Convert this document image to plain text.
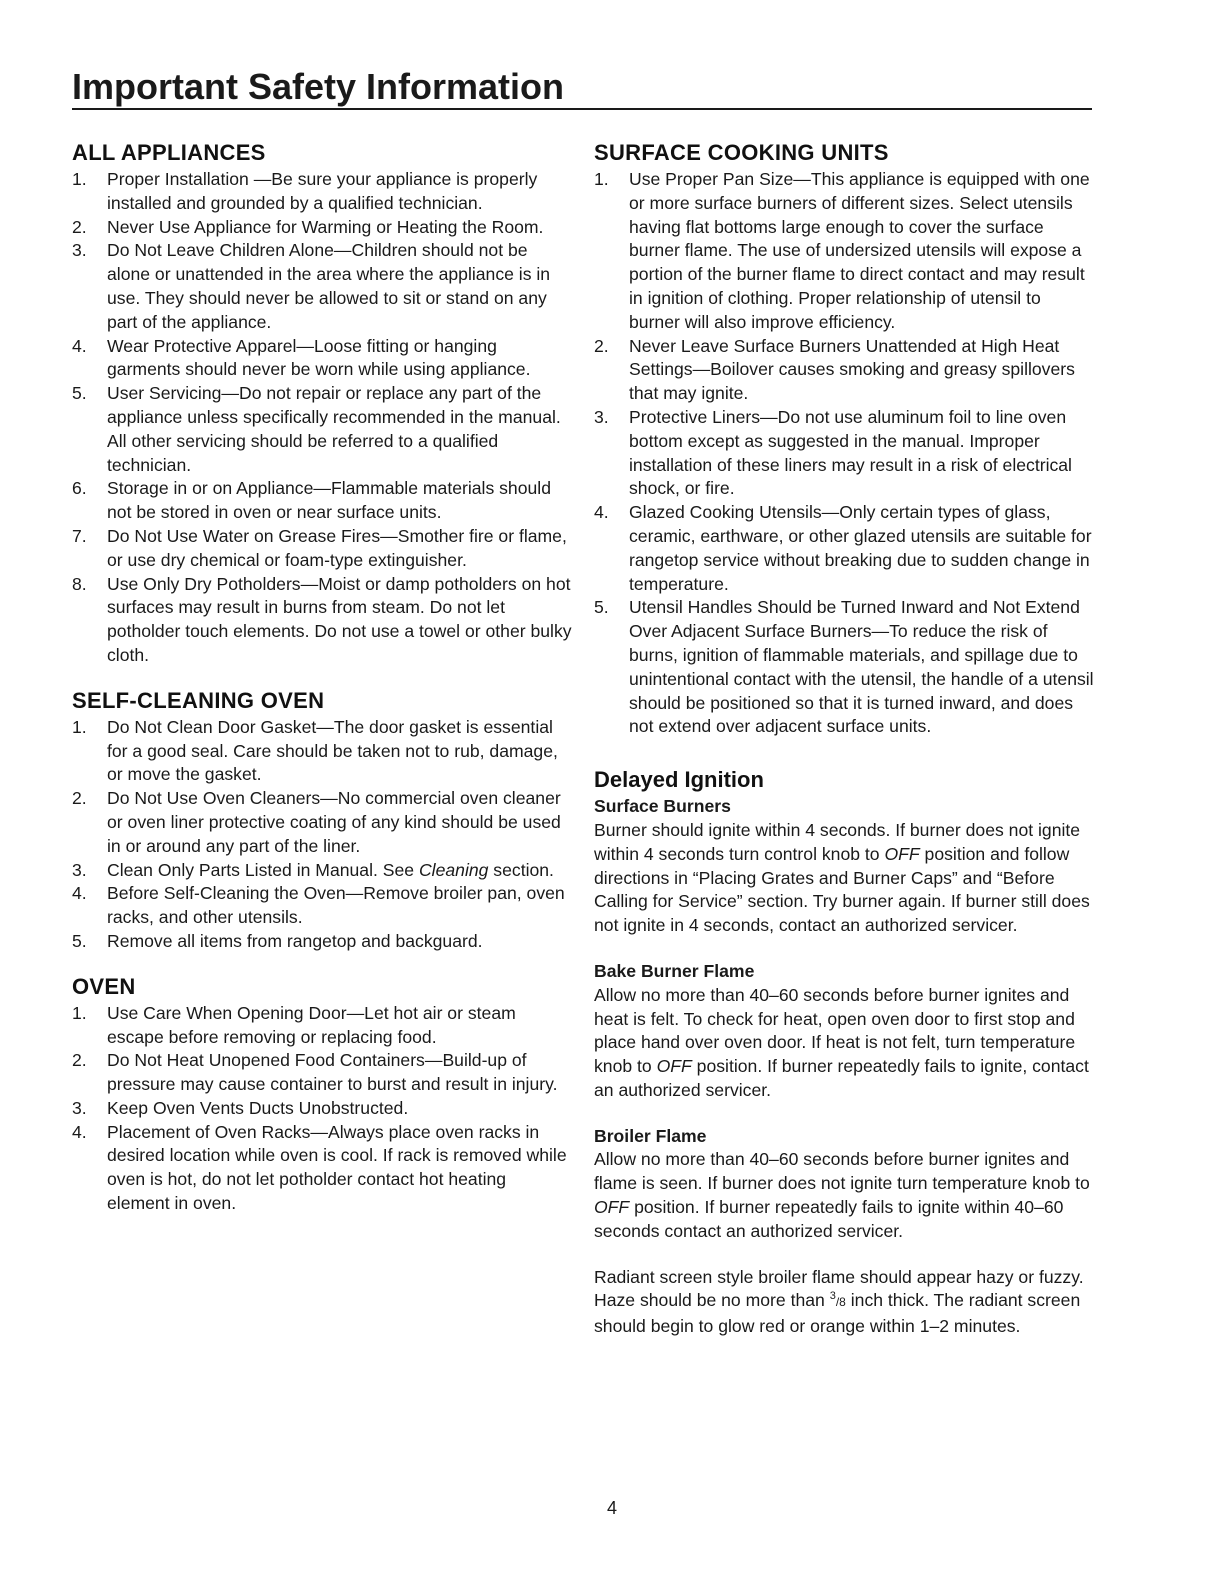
Important Safety Information
ALL APPLIANCES
1. Proper Installation —Be sure your appliance is properly installed and grounded by a qualified technician.
2. Never Use Appliance for Warming or Heating the Room.
3. Do Not Leave Children Alone—Children should not be alone or unattended in the area where the appliance is in use. They should never be allowed to sit or stand on any part of the appliance.
4. Wear Protective Apparel—Loose fitting or hanging garments should never be worn while using appliance.
5. User Servicing—Do not repair or replace any part of the appliance unless specifically recommended in the manual. All other servicing should be referred to a qualified technician.
6. Storage in or on Appliance—Flammable materials should not be stored in oven or near surface units.
7. Do Not Use Water on Grease Fires—Smother fire or flame, or use dry chemical or foam-type extinguisher.
8. Use Only Dry Potholders—Moist or damp potholders on hot surfaces may result in burns from steam. Do not let potholder touch elements. Do not use a towel or other bulky cloth.
SELF-CLEANING OVEN
1. Do Not Clean Door Gasket—The door gasket is essential for a good seal. Care should be taken not to rub, damage, or move the gasket.
2. Do Not Use Oven Cleaners—No commercial oven cleaner or oven liner protective coating of any kind should be used in or around any part of the liner.
3. Clean Only Parts Listed in Manual. See Cleaning section.
4. Before Self-Cleaning the Oven—Remove broiler pan, oven racks, and other utensils.
5. Remove all items from rangetop and backguard.
OVEN
1. Use Care When Opening Door—Let hot air or steam escape before removing or replacing food.
2. Do Not Heat Unopened Food Containers—Build-up of pressure may cause container to burst and result in injury.
3. Keep Oven Vents Ducts Unobstructed.
4. Placement of Oven Racks—Always place oven racks in desired location while oven is cool. If rack is removed while oven is hot, do not let potholder contact hot heating element in oven.
SURFACE COOKING UNITS
1. Use Proper Pan Size—This appliance is equipped with one or more surface burners of different sizes. Select utensils having flat bottoms large enough to cover the surface burner flame. The use of undersized utensils will expose a portion of the burner flame to direct contact and may result in ignition of clothing. Proper relationship of utensil to burner will also improve efficiency.
2. Never Leave Surface Burners Unattended at High Heat Settings—Boilover causes smoking and greasy spillovers that may ignite.
3. Protective Liners—Do not use aluminum foil to line oven bottom except as suggested in the manual. Improper installation of these liners may result in a risk of electrical shock, or fire.
4. Glazed Cooking Utensils—Only certain types of glass, ceramic, earthware, or other glazed utensils are suitable for rangetop service without breaking due to sudden change in temperature.
5. Utensil Handles Should be Turned Inward and Not Extend Over Adjacent Surface Burners—To reduce the risk of burns, ignition of flammable materials, and spillage due to unintentional contact with the utensil, the handle of a utensil should be positioned so that it is turned inward, and does not extend over adjacent surface units.
Delayed Ignition

Surface Burners

Burner should ignite within 4 seconds. If burner does not ignite within 4 seconds turn control knob to OFF position and follow directions in “Placing Grates and Burner Caps” and “Before Calling for Service” section. Try burner again. If burner still does not ignite in 4 seconds, contact an authorized servicer.

Bake Burner Flame

Allow no more than 40–60 seconds before burner ignites and heat is felt. To check for heat, open oven door to first stop and place hand over oven door. If heat is not felt, turn temperature knob to OFF position. If burner repeatedly fails to ignite, contact an authorized servicer.

Broiler Flame

Allow no more than 40–60 seconds before burner ignites and flame is seen. If burner does not ignite turn temperature knob to OFF position. If burner repeatedly fails to ignite within 40–60 seconds contact an authorized servicer.

Radiant screen style broiler flame should appear hazy or fuzzy. Haze should be no more than $^3$/8 inch thick. The radiant screen should begin to glow red or orange within 1–2 minutes.

4
